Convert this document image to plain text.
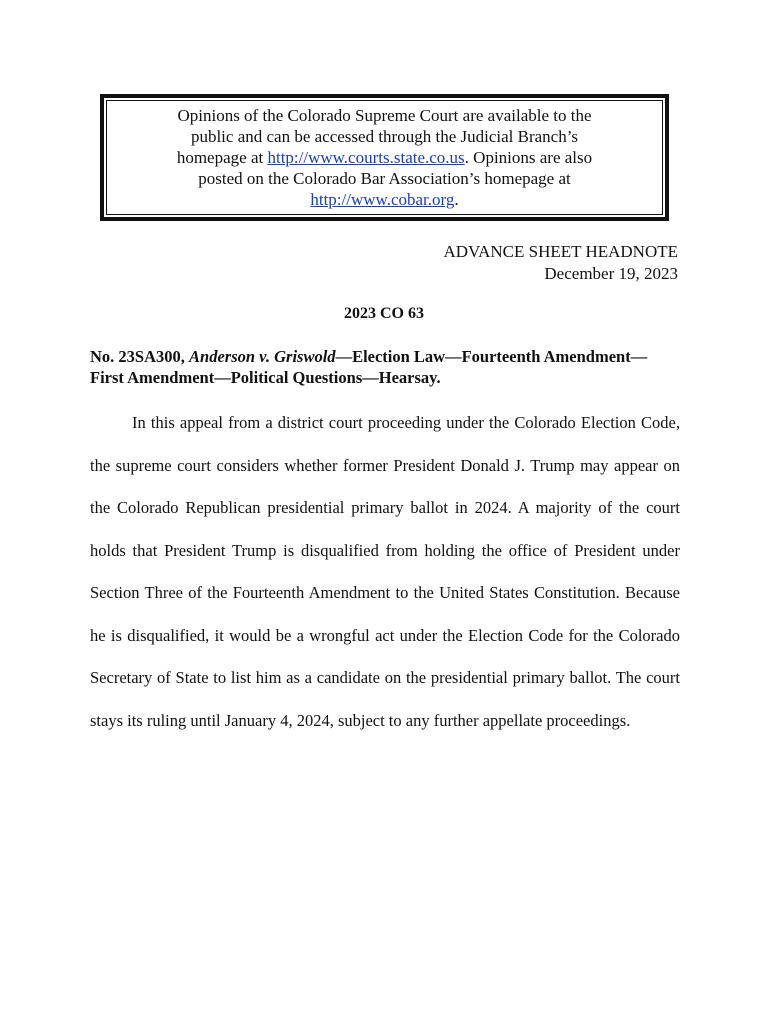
Opinions of the Colorado Supreme Court are available to the
public and can be accessed through the Judicial Branch’s
homepage at http://www.courts.state.co.us. Opinions are also
posted on the Colorado Bar Association’s homepage at
http://www.cobar.org.
ADVANCE SHEET HEADNOTE
December 19, 2023
2023 CO 63
No. 23SA300, Anderson v. Griswold—Election Law—Fourteenth Amendment—First Amendment—Political Questions—Hearsay.

In this appeal from a district court proceeding under the Colorado Election Code, the supreme court considers whether former President Donald J. Trump may appear on the Colorado Republican presidential primary ballot in 2024. A majority of the court holds that President Trump is disqualified from holding the office of President under Section Three of the Fourteenth Amendment to the United States Constitution. Because he is disqualified, it would be a wrongful act under the Election Code for the Colorado Secretary of State to list him as a candidate on the presidential primary ballot. The court stays its ruling until January 4, 2024, subject to any further appellate proceedings.
